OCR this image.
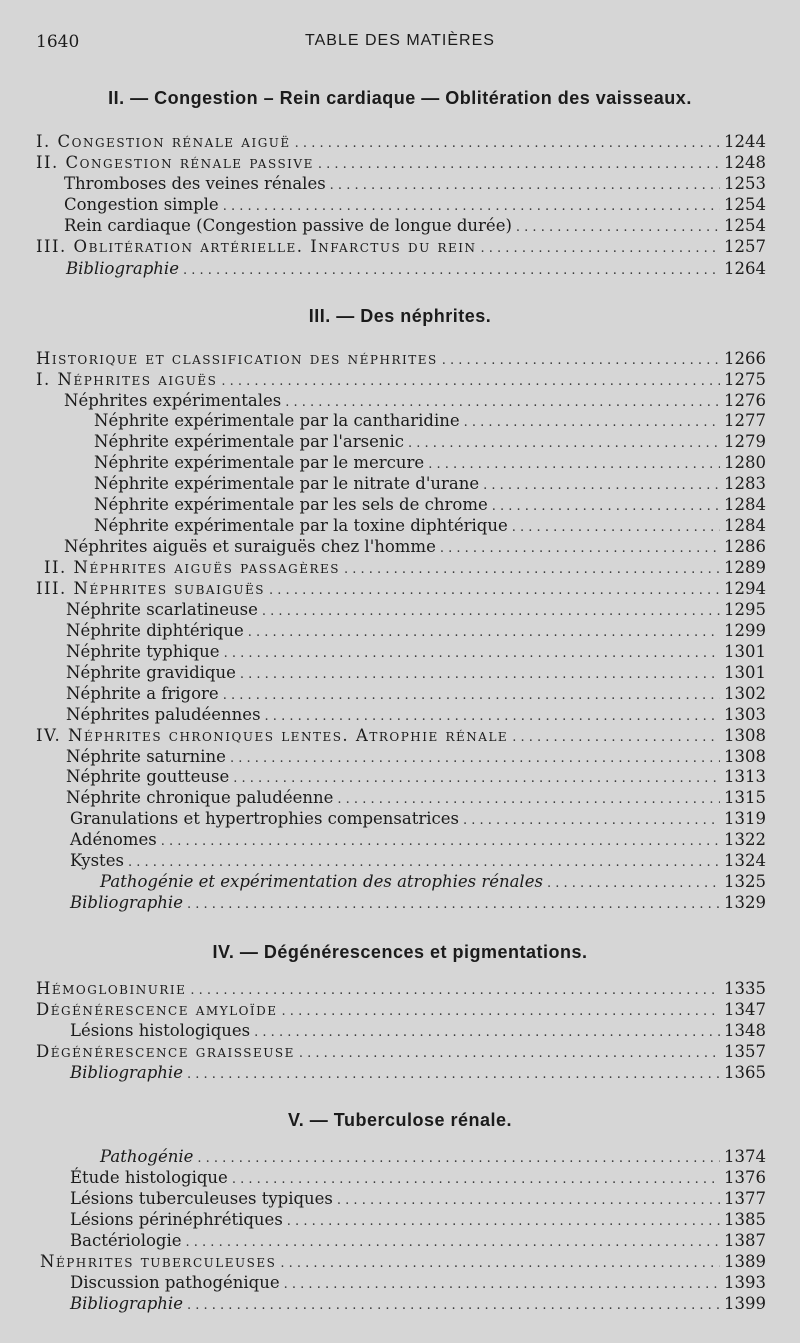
1640	TABLE DES MATIÈRES
II. — Congestion – Rein cardiaque — Oblitération des vaisseaux.
I. Congestion rénale aiguë . . .	1244
II. Congestion rénale passive . . .	1248
Thromboses des veines rénales . . .	1253
Congestion simple . . .	1254
Rein cardiaque (Congestion passive de longue durée) . . .	1254
III. Oblitération artérielle. Infarctus du rein . . .	1257
Bibliographie . . .	1264
III. — Des néphrites.
Historique et classification des néphrites . . .	1266
I. Néphrites aiguës . . .	1275
Néphrites expérimentales . . .	1276
Néphrite expérimentale par la cantharidine . . .	1277
Néphrite expérimentale par l'arsenic . . .	1279
Néphrite expérimentale par le mercure . . .	1280
Néphrite expérimentale par le nitrate d'urane . . .	1283
Néphrite expérimentale par les sels de chrome . . .	1284
Néphrite expérimentale par la toxine diphtérique . . .	1284
Néphrites aiguës et suraiguës chez l'homme . . .	1286
II. Néphrites aiguës passagères . . .	1289
III. Néphrites subaiguës . . .	1294
Néphrite scarlatineuse . . .	1295
Néphrite diphtérique . . .	1299
Néphrite typhique . . .	1301
Néphrite gravidique . . .	1301
Néphrite a frigore . . .	1302
Néphrites paludéennes . . .	1303
IV. Néphrites chroniques lentes. Atrophie rénale . . .	1308
Néphrite saturnine . . .	1308
Néphrite goutteuse . . .	1313
Néphrite chronique paludéenne . . .	1315
Granulations et hypertrophies compensatrices . . .	1319
Adénomes . . .	1322
Kystes . . .	1324
Pathogénie et expérimentation des atrophies rénales . . .	1325
Bibliographie . . .	1329
IV. — Dégénérescences et pigmentations.
Hémoglobinurie . . .	1335
Dégénérescence amyloïde . . .	1347
Lésions histologiques . . .	1348
Dégénérescence graisseuse . . .	1357
Bibliographie . . .	1365
V. — Tuberculose rénale.
Pathogénie . . .	1374
Étude histologique . . .	1376
Lésions tuberculeuses typiques . . .	1377
Lésions périnéphrétiques . . .	1385
Bactériologie . . .	1387
Néphrites tuberculeuses . . .	1389
Discussion pathogénique . . .	1393
Bibliographie . . .	1399
